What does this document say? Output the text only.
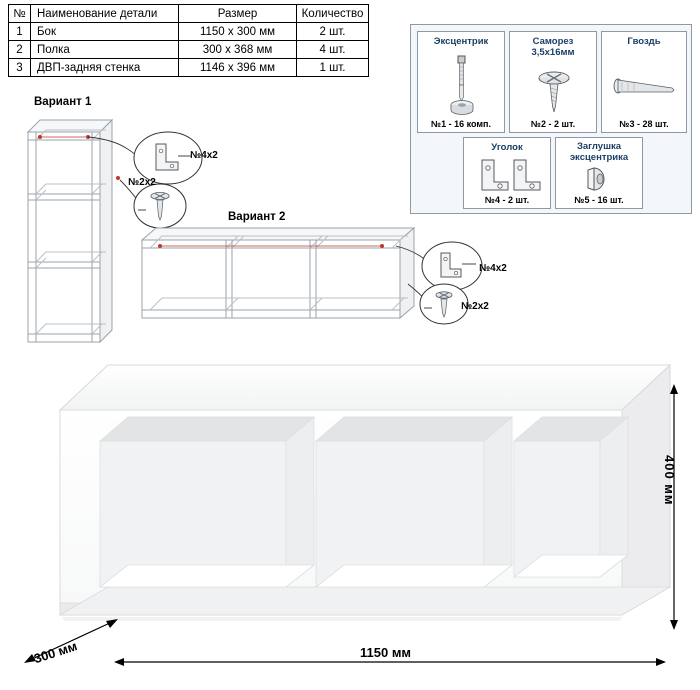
№	Наименование детали	Размер	Количество
1	Бок	1150 x 300 мм	2 шт.
2	Полка	300 x 368 мм	4 шт.
3	ДВП-задняя стенка	1146 x 396 мм	1 шт.
Эксцентрик
№1 - 16 комп.
Саморез
3,5x16мм
№2 - 2 шт.
Гвоздь
№3 - 28 шт.
Уголок
№4 - 2 шт.
Заглушка
эксцентрика
№5 - 16 шт.
Вариант 1
№4x2
№2x2
Вариант 2
№4x2
№2x2
400 мм
1150 мм
300 мм
